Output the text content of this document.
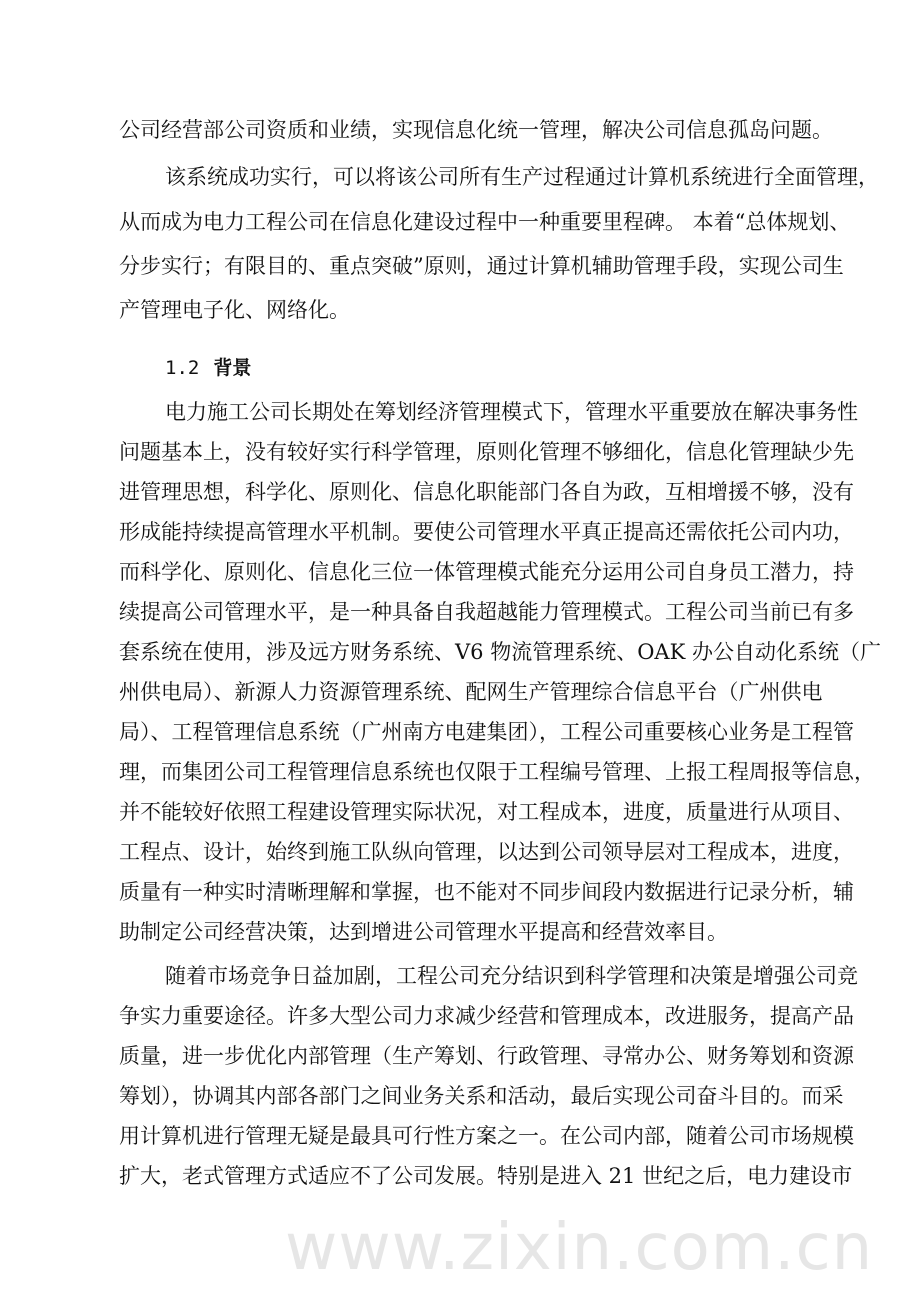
www.zixin.com.cn
1.2 背景
公司经营部公司资质和业绩，实现信息化统一管理，解决公司信息孤岛问题。
该系统成功实行，可以将该公司所有生产过程通过计算机系统进行全面管理，
从而成为电力工程公司在信息化建设过程中一种重要里程碑。 本着“总体规划、
分步实行；有限目的、重点突破”原则，通过计算机辅助管理手段，实现公司生
产管理电子化、网络化。
电力施工公司长期处在筹划经济管理模式下，管理水平重要放在解决事务性
问题基本上，没有较好实行科学管理，原则化管理不够细化，信息化管理缺少先
进管理思想，科学化、原则化、信息化职能部门各自为政，互相增援不够，没有
形成能持续提高管理水平机制。要使公司管理水平真正提高还需依托公司内功，
而科学化、原则化、信息化三位一体管理模式能充分运用公司自身员工潜力，持
续提高公司管理水平，是一种具备自我超越能力管理模式。工程公司当前已有多
套系统在使用，涉及远方财务系统、V6 物流管理系统、OAK 办公自动化系统（广
州供电局）、新源人力资源管理系统、配网生产管理综合信息平台（广州供电
局）、工程管理信息系统（广州南方电建集团），工程公司重要核心业务是工程管
理，而集团公司工程管理信息系统也仅限于工程编号管理、上报工程周报等信息，
并不能较好依照工程建设管理实际状况，对工程成本，进度，质量进行从项目、
工程点、设计，始终到施工队纵向管理，以达到公司领导层对工程成本，进度，
质量有一种实时清晰理解和掌握，也不能对不同步间段内数据进行记录分析，辅
助制定公司经营决策，达到增进公司管理水平提高和经营效率目。
随着市场竞争日益加剧，工程公司充分结识到科学管理和决策是增强公司竞
争实力重要途径。许多大型公司力求减少经营和管理成本，改进服务，提高产品
质量，进一步优化内部管理（生产筹划、行政管理、寻常办公、财务筹划和资源
筹划），协调其内部各部门之间业务关系和活动，最后实现公司奋斗目的。而采
用计算机进行管理无疑是最具可行性方案之一。在公司内部，随着公司市场规模
扩大，老式管理方式适应不了公司发展。特别是进入 21 世纪之后，电力建设市
